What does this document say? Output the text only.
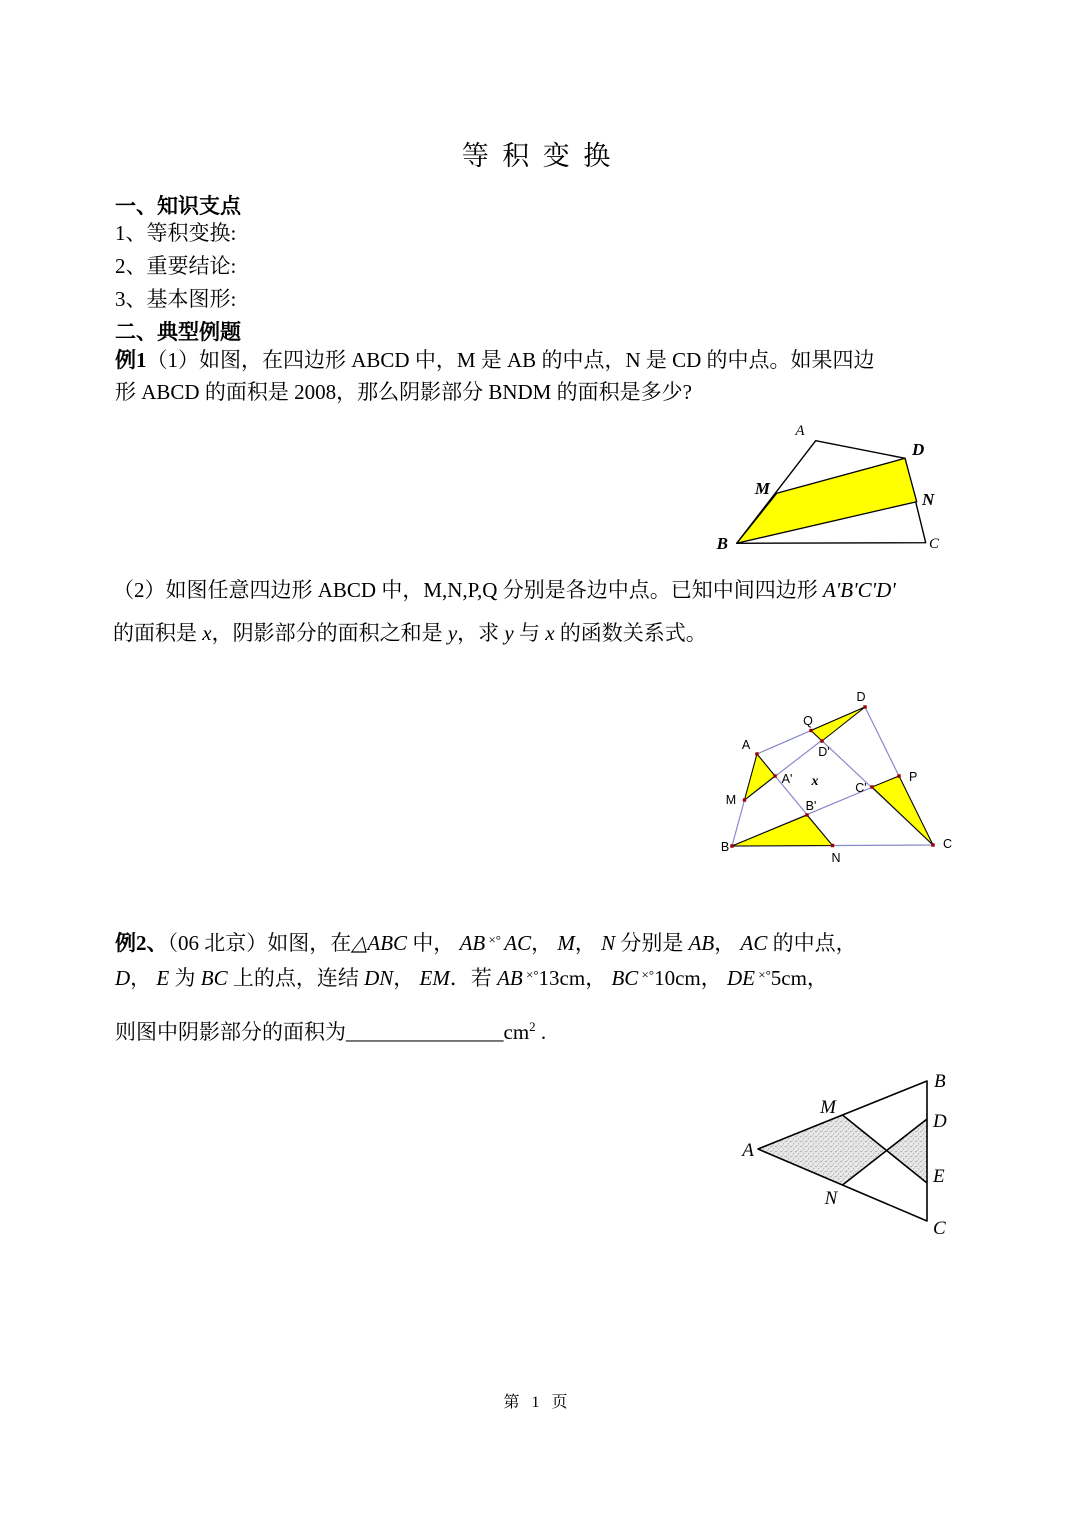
等 积 变 换
一、知识支点
1、等积变换:
2、重要结论:
3、基本图形:
二、典型例题
例1（1）如图，在四边形 ABCD 中，M 是 AB 的中点，N 是 CD 的中点。如果四边
形 ABCD 的面积是 2008，那么阴影部分 BNDM 的面积是多少?
A
D
M
N
B	C
（2）如图任意四边形 ABCD 中，M,N,P,Q 分别是各边中点。已知中间四边形 A'B'C'D'
的面积是 x，阴影部分的面积之和是 y，求 y 与 x 的函数关系式。
D
Q
A	D'
A' x	P
C'
M	B'
B
N
C
例2、（06 北京）如图，在△ABC 中， AB ×° AC， M， N 分别是 AB， AC 的中点，
D， E 为 BC 上的点，连结 DN， EM．若 AB ×°13cm， BC ×°10cm， DE ×°5cm，
则图中阴影部分的面积为$\_\_\_\_\_\_\_\_\_\_\_\_\_\_\_cm^2$ .
B
M
D
A
E
N
C
第 1 页
